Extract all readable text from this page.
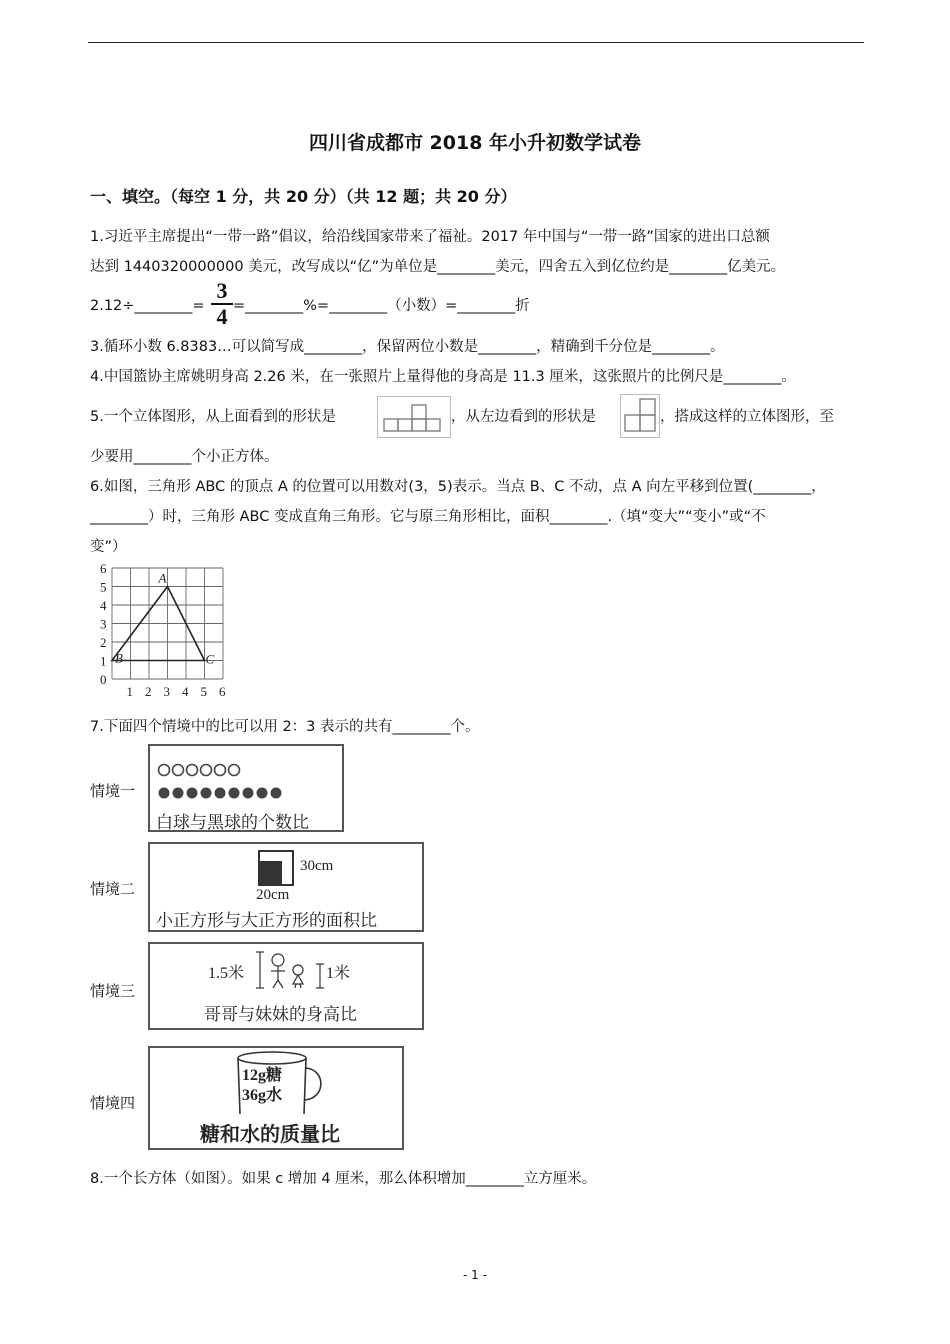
四川省成都市 2018 年小升初数学试卷
一、填空。（每空 1 分，共 20 分）（共 12 题；共 20 分）
1.习近平主席提出“一带一路”倡议，给沿线国家带来了福祉。2017 年中国与“一带一路”国家的进出口总额
达到 1440320000000 美元，改写成以“亿”为单位是________美元，四舍五入到亿位约是________亿美元。
2.12÷________=
3
4 =________%=________（小数）=________折
3.循环小数 6.8383…可以简写成________，保留两位小数是________，精确到千分位是________。
4.中国篮协主席姚明身高 2.26 米，在一张照片上量得他的身高是 11.3 厘米，这张照片的比例尺是________。
5.一个立体图形，从上面看到的形状是	，从左边看到的形状是	，搭成这样的立体图形，至
少要用________个小正方体。
6.如图，三角形 ABC 的顶点 A 的位置可以用数对(3，5)表示。当点 B、C 不动，点 A 向左平移到位置(________，
________）时，三角形 ABC 变成直角三角形。它与原三角形相比，面积________.（填“变大”“变小”或“不
变”）
6
5
4
3
2
1
0
1 2 3 4 5 6
A
B	C
7.下面四个情境中的比可以用 2：3 表示的共有________个。
情境一
白球与黑球的个数比
情境二
30cm
20cm
小正方形与大正方形的面积比
情境三
1.5米	1米
哥哥与妹妹的身高比
情境四
12g糖
36g水
糖和水的质量比
8.一个长方体（如图）。如果 c 增加 4 厘米，那么体积增加________立方厘米。
- 1 -
